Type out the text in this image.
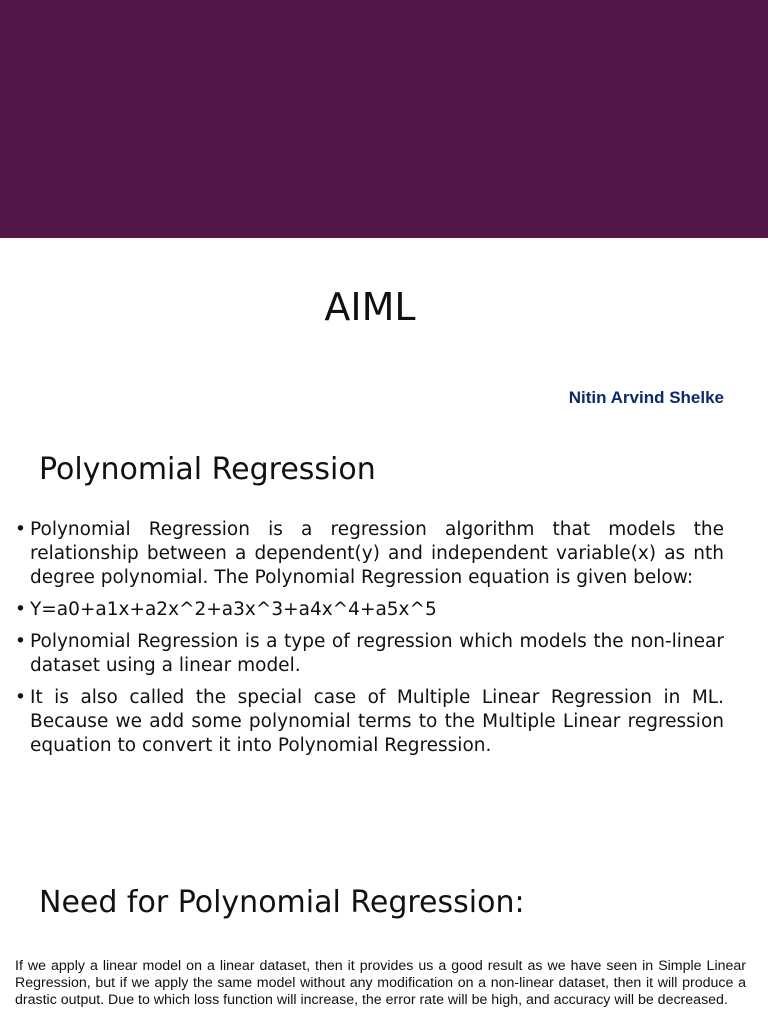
AIML

Nitin Arvind Shelke

Polynomial Regression
• Polynomial Regression is a regression algorithm that models the relationship between a dependent(y) and independent variable(x) as nth degree polynomial. The Polynomial Regression equation is given below:
• Y=a0+a1x+a2x^2+a3x^3+a4x^4+a5x^5
• Polynomial Regression is a type of regression which models the non-linear dataset using a linear model.
• It is also called the special case of Multiple Linear Regression in ML. Because we add some polynomial terms to the Multiple Linear regression equation to convert it into Polynomial Regression.
Need for Polynomial Regression:

If we apply a linear model on a linear dataset, then it provides us a good result as we have seen in Simple Linear Regression, but if we apply the same model without any modification on a non-linear dataset, then it will produce a drastic output. Due to which loss function will increase, the error rate will be high, and accuracy will be decreased.
